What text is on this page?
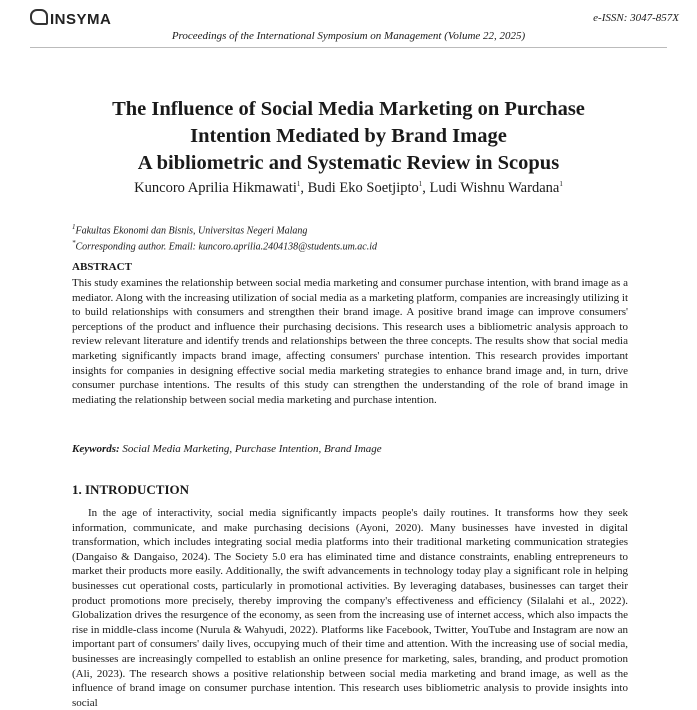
INSYMA	e-ISSN: 3047-857X
Proceedings of the International Symposium on Management (Volume 22, 2025)
The Influence of Social Media Marketing on Purchase
Intention Mediated by Brand Image
A bibliometric and Systematic Review in Scopus
Kuncoro Aprilia Hikmawati$^1$, Budi Eko Soetjipto$^1$, Ludi Wishnu Wardana$^1$
$^1$Fakultas Ekonomi dan Bisnis, Universitas Negeri Malang
*Corresponding author. Email: kuncoro.aprilia.2404138@students.um.ac.id
ABSTRACT

This study examines the relationship between social media marketing and consumer purchase intention, with brand image as a mediator. Along with the increasing utilization of social media as a marketing platform, companies are increasingly utilizing it to build relationships with consumers and strengthen their brand image. A positive brand image can improve consumers' perceptions of the product and influence their purchasing decisions. This research uses a bibliometric analysis approach to review relevant literature and identify trends and relationships between the three concepts. The results show that social media marketing significantly impacts brand image, affecting consumers' purchase intention. This research provides important insights for companies in designing effective social media marketing strategies to enhance brand image and, in turn, drive consumer purchase intentions. The results of this study can strengthen the understanding of the role of brand image in mediating the relationship between social media marketing and purchase intention.

Keywords: Social Media Marketing, Purchase Intention, Brand Image
1. INTRODUCTION

In the age of interactivity, social media significantly impacts people's daily routines. It transforms how they seek information, communicate, and make purchasing decisions (Ayoni, 2020). Many businesses have invested in digital transformation, which includes integrating social media platforms into their traditional marketing communication strategies (Dangaiso & Dangaiso, 2024). The Society 5.0 era has eliminated time and distance constraints, enabling entrepreneurs to market their products more easily. Additionally, the swift advancements in technology today play a significant role in helping businesses cut operational costs, particularly in promotional activities. By leveraging databases, businesses can target their product promotions more precisely, thereby improving the company's effectiveness and efficiency (Silalahi et al., 2022). Globalization drives the resurgence of the economy, as seen from the increasing use of internet access, which also impacts the rise in middle-class income (Nurula & Wahyudi, 2022). Platforms like Facebook, Twitter, YouTube and Instagram are now an important part of consumers' daily lives, occupying much of their time and attention. With the increasing use of social media, businesses are increasingly compelled to establish an online presence for marketing, sales, branding, and product promotion (Ali, 2023). The research shows a positive relationship between social media marketing and brand image, as well as the influence of brand image on consumer purchase intention. This research uses bibliometric analysis to provide insights into social
